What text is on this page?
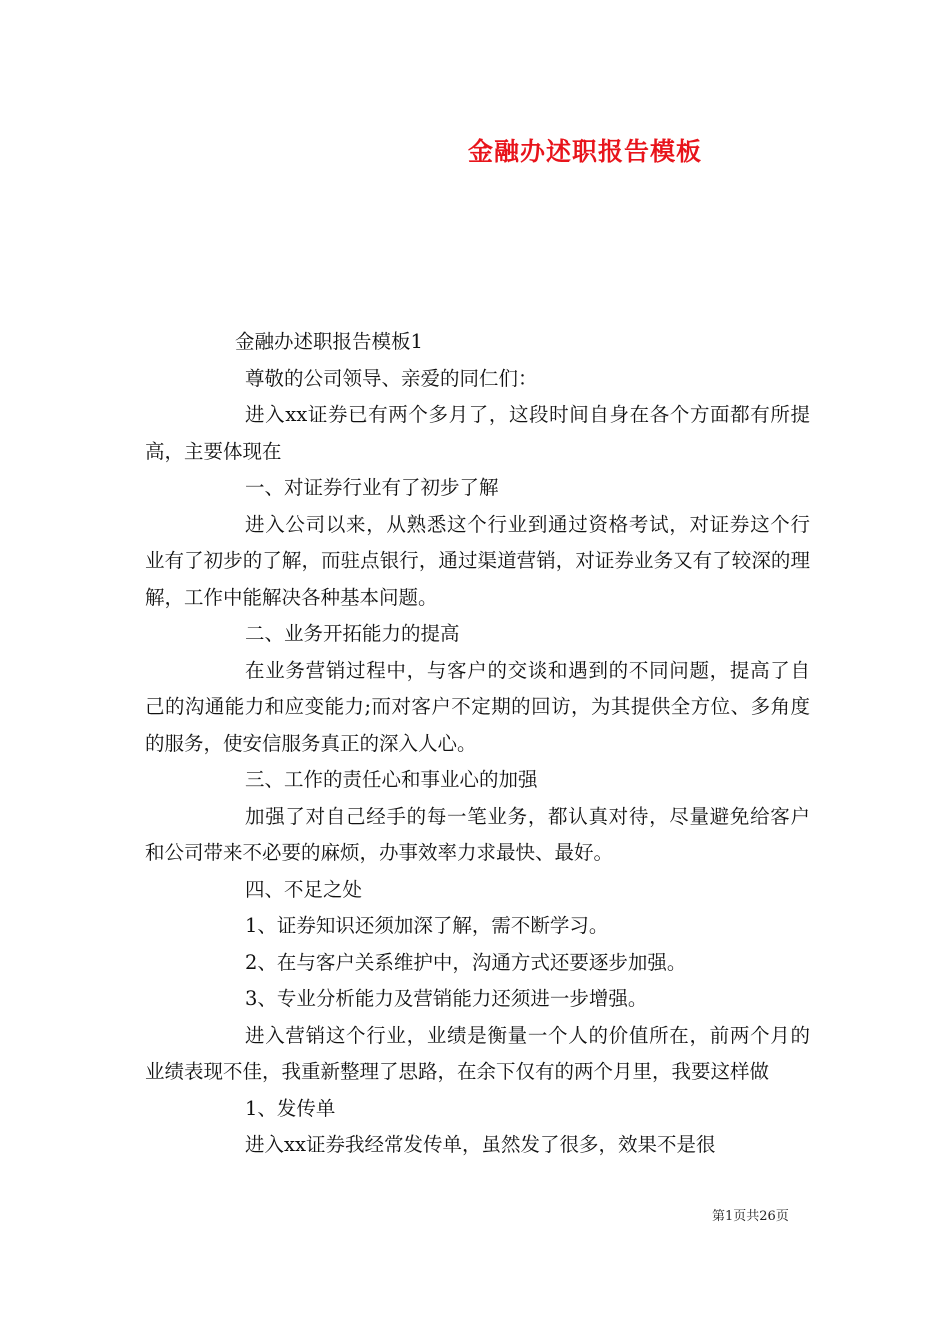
金融办述职报告模板

金融办述职报告模板1

尊敬的公司领导、亲爱的同仁们：

进入xx证券已有两个多月了，这段时间自身在各个方面都有所提高，主要体现在

一、对证券行业有了初步了解

进入公司以来，从熟悉这个行业到通过资格考试，对证券这个行业有了初步的了解，而驻点银行，通过渠道营销，对证券业务又有了较深的理解，工作中能解决各种基本问题。

二、业务开拓能力的提高

在业务营销过程中，与客户的交谈和遇到的不同问题，提高了自己的沟通能力和应变能力;而对客户不定期的回访，为其提供全方位、多角度的服务，使安信服务真正的深入人心。

三、工作的责任心和事业心的加强

加强了对自己经手的每一笔业务，都认真对待，尽量避免给客户和公司带来不必要的麻烦，办事效率力求最快、最好。

四、不足之处

1、证券知识还须加深了解，需不断学习。

2、在与客户关系维护中，沟通方式还要逐步加强。

3、专业分析能力及营销能力还须进一步增强。

进入营销这个行业，业绩是衡量一个人的价值所在，前两个月的业绩表现不佳，我重新整理了思路，在余下仅有的两个月里，我要这样做

1、发传单

进入xx证券我经常发传单，虽然发了很多，效果不是很

第1页共26页
